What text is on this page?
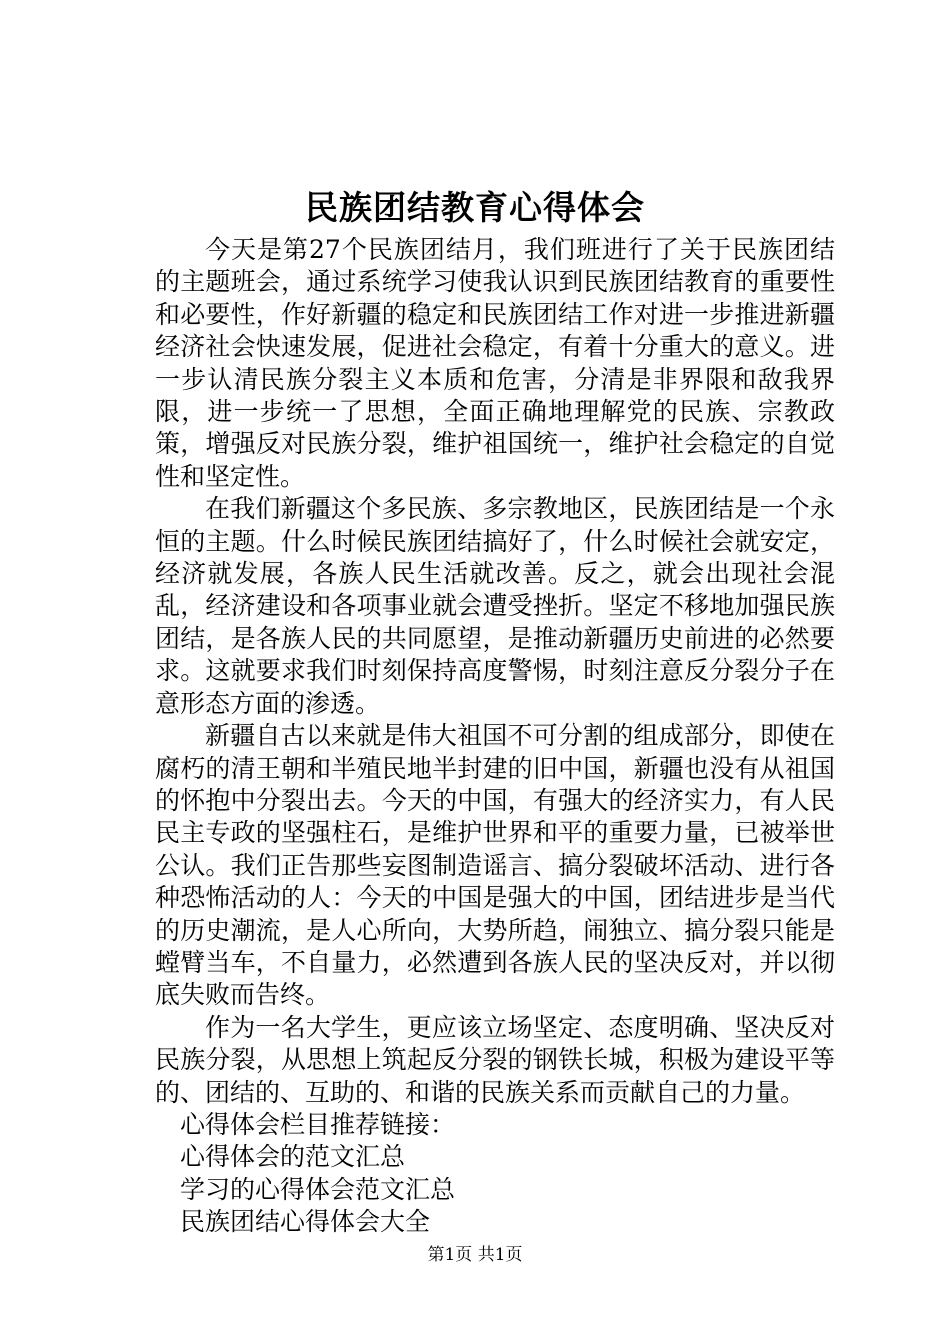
民族团结教育心得体会

今天是第27个民族团结月，我们班进行了关于民族团结的主题班会，通过系统学习使我认识到民族团结教育的重要性和必要性，作好新疆的稳定和民族团结工作对进一步推进新疆经济社会快速发展，促进社会稳定，有着十分重大的意义。进一步认清民族分裂主义本质和危害，分清是非界限和敌我界限，进一步统一了思想，全面正确地理解党的民族、宗教政策，增强反对民族分裂，维护祖国统一，维护社会稳定的自觉性和坚定性。

在我们新疆这个多民族、多宗教地区，民族团结是一个永恒的主题。什么时候民族团结搞好了，什么时候社会就安定，经济就发展，各族人民生活就改善。反之，就会出现社会混乱，经济建设和各项事业就会遭受挫折。坚定不移地加强民族团结，是各族人民的共同愿望，是推动新疆历史前进的必然要求。这就要求我们时刻保持高度警惕，时刻注意反分裂分子在意形态方面的渗透。

新疆自古以来就是伟大祖国不可分割的组成部分，即使在腐朽的清王朝和半殖民地半封建的旧中国，新疆也没有从祖国的怀抱中分裂出去。今天的中国，有强大的经济实力，有人民民主专政的坚强柱石，是维护世界和平的重要力量，已被举世公认。我们正告那些妄图制造谣言、搞分裂破坏活动、进行各种恐怖活动的人：今天的中国是强大的中国，团结进步是当代的历史潮流，是人心所向，大势所趋，闹独立、搞分裂只能是螳臂当车，不自量力，必然遭到各族人民的坚决反对，并以彻底失败而告终。

作为一名大学生，更应该立场坚定、态度明确、坚决反对民族分裂，从思想上筑起反分裂的钢铁长城，积极为建设平等的、团结的、互助的、和谐的民族关系而贡献自己的力量。

心得体会栏目推荐链接：

心得体会的范文汇总
学习的心得体会范文汇总
民族团结心得体会大全
第1页 共1页
